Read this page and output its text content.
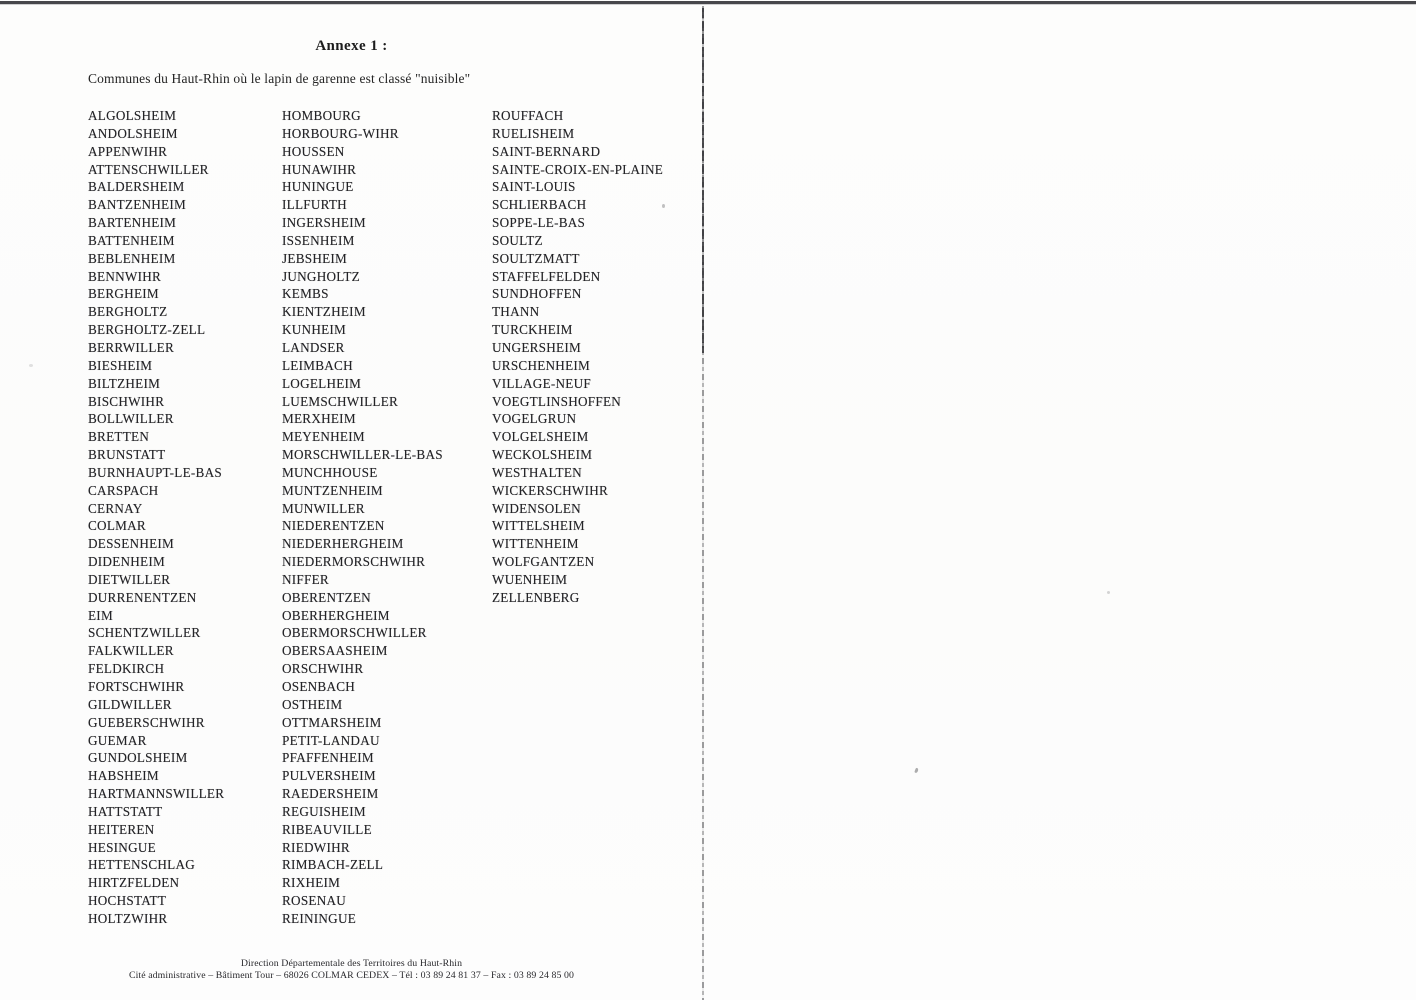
Annexe 1 :

Communes du Haut-Rhin où le lapin de garenne est classé "nuisible"

ALGOLSHEIM
ANDOLSHEIM
APPENWIHR
ATTENSCHWILLER
BALDERSHEIM
BANTZENHEIM
BARTENHEIM
BATTENHEIM
BEBLENHEIM
BENNWIHR
BERGHEIM
BERGHOLTZ
BERGHOLTZ-ZELL
BERRWILLER
BIESHEIM
BILTZHEIM
BISCHWIHR
BOLLWILLER
BRETTEN
BRUNSTATT
BURNHAUPT-LE-BAS
CARSPACH
CERNAY
COLMAR
DESSENHEIM
DIDENHEIM
DIETWILLER
DURRENENTZEN
EIM
SCHENTZWILLER
FALKWILLER
FELDKIRCH
FORTSCHWIHR
GILDWILLER
GUEBERSCHWIHR
GUEMAR
GUNDOLSHEIM
HABSHEIM
HARTMANNSWILLER
HATTSTATT
HEITEREN
HESINGUE
HETTENSCHLAG
HIRTZFELDEN
HOCHSTATT
HOLTZWIHR
HOMBOURG
HORBOURG-WIHR
HOUSSEN
HUNAWIHR
HUNINGUE
ILLFURTH
INGERSHEIM
ISSENHEIM
JEBSHEIM
JUNGHOLTZ
KEMBS
KIENTZHEIM
KUNHEIM
LANDSER
LEIMBACH
LOGELHEIM
LUEMSCHWILLER
MERXHEIM
MEYENHEIM
MORSCHWILLER-LE-BAS
MUNCHHOUSE
MUNTZENHEIM
MUNWILLER
NIEDERENTZEN
NIEDERHERGHEIM
NIEDERMORSCHWIHR
NIFFER
OBERENTZEN
OBERHERGHEIM
OBERMORSCHWILLER
OBERSAASHEIM
ORSCHWIHR
OSENBACH
OSTHEIM
OTTMARSHEIM
PETIT-LANDAU
PFAFFENHEIM
PULVERSHEIM
RAEDERSHEIM
REGUISHEIM
RIBEAUVILLE
RIEDWIHR
RIMBACH-ZELL
RIXHEIM
ROSENAU
REININGUE
ROUFFACH
RUELISHEIM
SAINT-BERNARD
SAINTE-CROIX-EN-PLAINE
SAINT-LOUIS
SCHLIERBACH
SOPPE-LE-BAS
SOULTZ
SOULTZMATT
STAFFELFELDEN
SUNDHOFFEN
THANN
TURCKHEIM
UNGERSHEIM
URSCHENHEIM
VILLAGE-NEUF
VOEGTLINSHOFFEN
VOGELGRUN
VOLGELSHEIM
WECKOLSHEIM
WESTHALTEN
WICKERSCHWIHR
WIDENSOLEN
WITTELSHEIM
WITTENHEIM
WOLFGANTZEN
WUENHEIM
ZELLENBERG
Direction Départementale des Territoires du Haut-Rhin
Cité administrative – Bâtiment Tour – 68026 COLMAR CEDEX – Tél : 03 89 24 81 37 – Fax : 03 89 24 85 00
